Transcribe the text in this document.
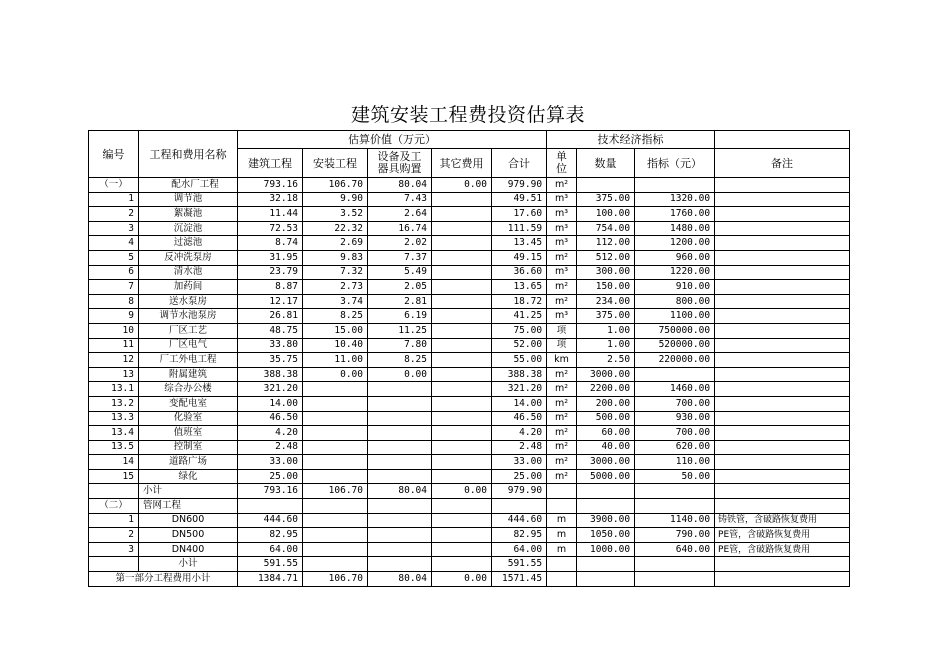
建筑安装工程费投资估算表
编号	工程和费用名称	估算价值（万元）					技术经济指标			
		建筑工程	安装工程	设备及工器具购置	其它费用	合计	单位	数量	指标（元）	备注
（一）	配水厂工程	793.16	106.70	80.04	0.00	979.90	m²			
1	调节池	32.18	9.90	7.43		49.51	m³	375.00	1320.00	
2	絮凝池	11.44	3.52	2.64		17.60	m³	100.00	1760.00	
3	沉淀池	72.53	22.32	16.74		111.59	m³	754.00	1480.00	
4	过滤池	8.74	2.69	2.02		13.45	m³	112.00	1200.00	
5	反冲洗泵房	31.95	9.83	7.37		49.15	m²	512.00	960.00	
6	清水池	23.79	7.32	5.49		36.60	m³	300.00	1220.00	
7	加药间	8.87	2.73	2.05		13.65	m²	150.00	910.00	
8	送水泵房	12.17	3.74	2.81		18.72	m²	234.00	800.00	
9	调节水池泵房	26.81	8.25	6.19		41.25	m³	375.00	1100.00	
10	厂区工艺	48.75	15.00	11.25		75.00	项	1.00	750000.00	
11	厂区电气	33.80	10.40	7.80		52.00	项	1.00	520000.00	
12	厂工外电工程	35.75	11.00	8.25		55.00	km	2.50	220000.00	
13	附属建筑	388.38	0.00	0.00		388.38	m²	3000.00		
13.1	综合办公楼	321.20				321.20	m²	2200.00	1460.00	
13.2	变配电室	14.00				14.00	m²	200.00	700.00	
13.3	化验室	46.50				46.50	m²	500.00	930.00	
13.4	值班室	4.20				4.20	m²	60.00	700.00	
13.5	控制室	2.48				2.48	m²	40.00	620.00	
14	道路广场	33.00				33.00	m²	3000.00	110.00	
15	绿化	25.00				25.00	m²	5000.00	50.00	
	小计	793.16	106.70	80.04	0.00	979.90				
（二）	管网工程									
1	DN600	444.60				444.60	m	3900.00	1140.00	铸铁管，含破路恢复费用
2	DN500	82.95				82.95	m	1050.00	790.00	PE管，含破路恢复费用
3	DN400	64.00				64.00	m	1000.00	640.00	PE管，含破路恢复费用
	小计	591.55				591.55				
第一部分工程费用小计		1384.71	106.70	80.04	0.00	1571.45				
